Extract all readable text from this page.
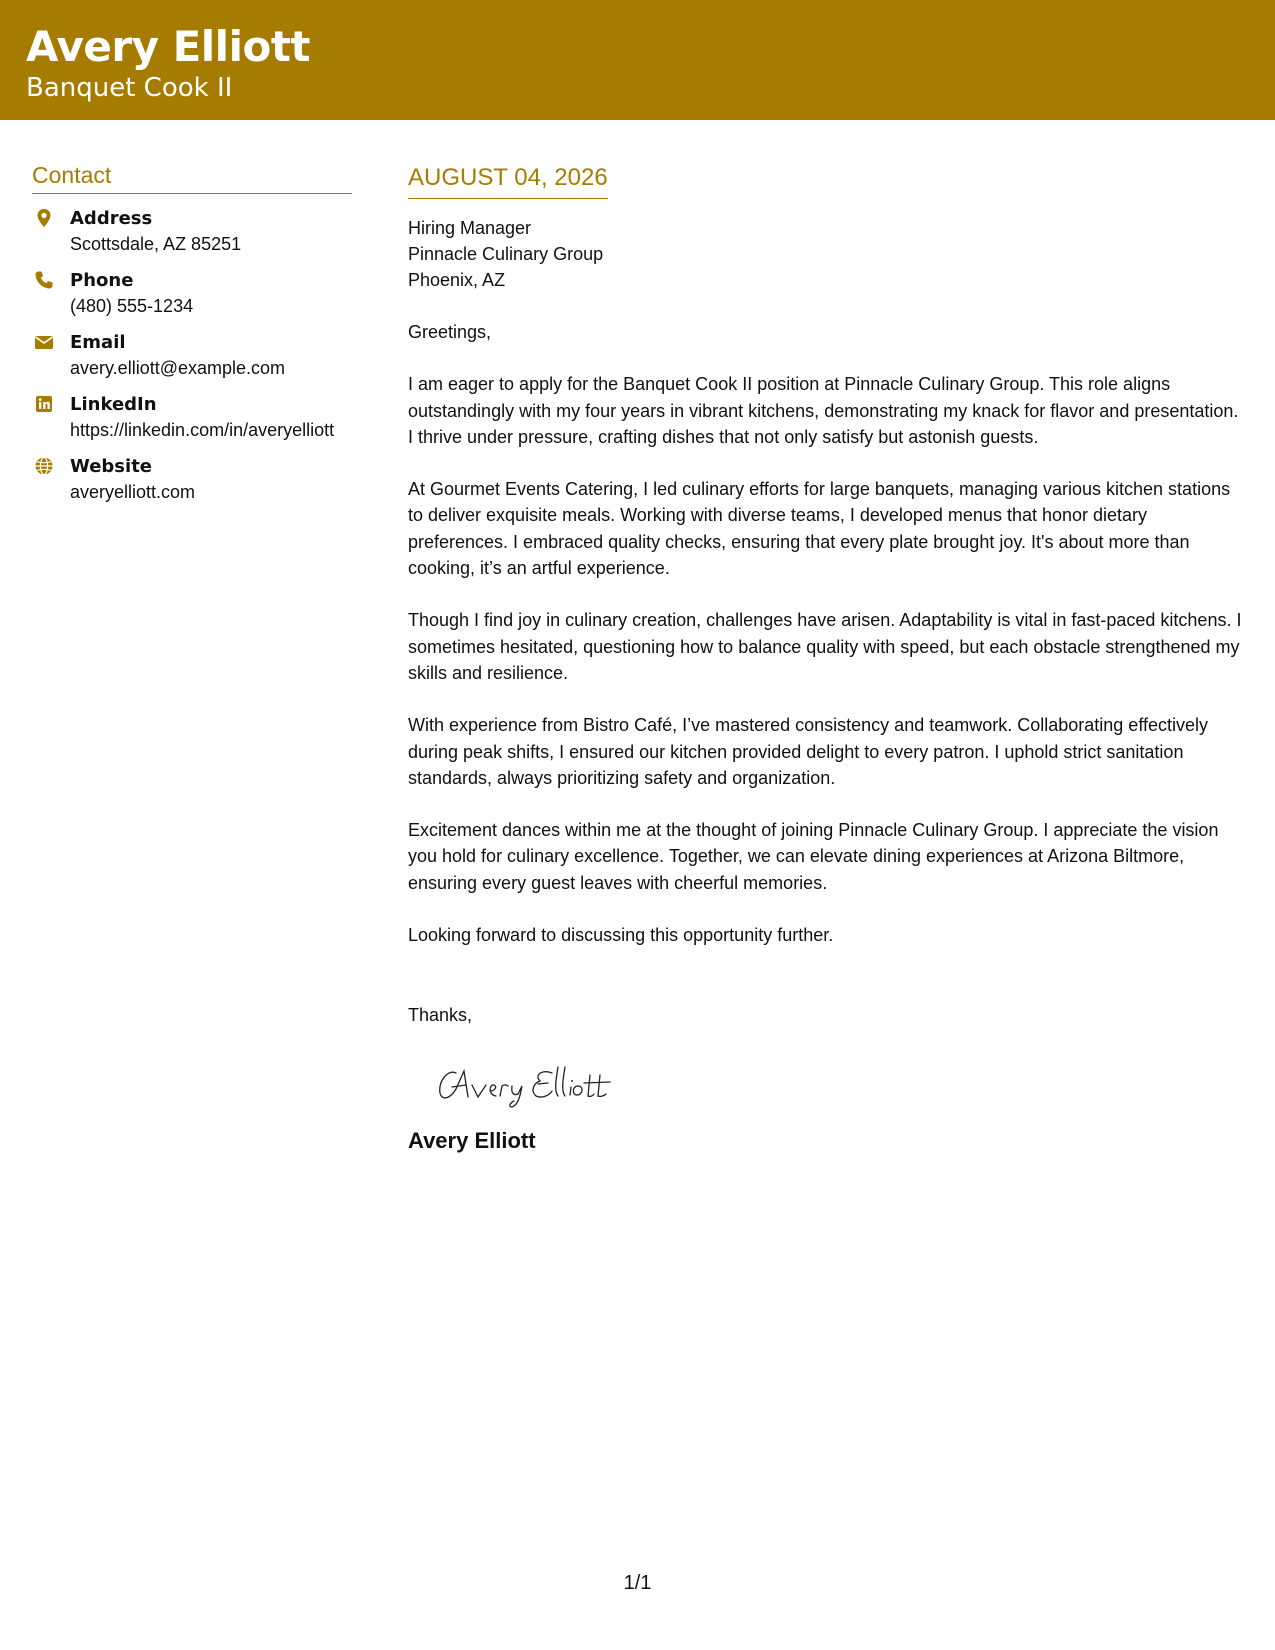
Avery Elliott
Banquet Cook II
Contact
Address
Scottsdale, AZ 85251
Phone
(480) 555-1234
Email
avery.elliott@example.com
LinkedIn
https://linkedin.com/in/averyelliott
Website
averyelliott.com
AUGUST 04, 2026
Hiring Manager
Pinnacle Culinary Group
Phoenix, AZ

Greetings,

I am eager to apply for the Banquet Cook II position at Pinnacle Culinary Group. This role aligns outstandingly with my four years in vibrant kitchens, demonstrating my knack for flavor and presentation. I thrive under pressure, crafting dishes that not only satisfy but astonish guests.

At Gourmet Events Catering, I led culinary efforts for large banquets, managing various kitchen stations to deliver exquisite meals. Working with diverse teams, I developed menus that honor dietary preferences. I embraced quality checks, ensuring that every plate brought joy. It's about more than cooking, it’s an artful experience.

Though I find joy in culinary creation, challenges have arisen. Adaptability is vital in fast-paced kitchens. I sometimes hesitated, questioning how to balance quality with speed, but each obstacle strengthened my skills and resilience.

With experience from Bistro Café, I’ve mastered consistency and teamwork. Collaborating effectively during peak shifts, I ensured our kitchen provided delight to every patron. I uphold strict sanitation standards, always prioritizing safety and organization.

Excitement dances within me at the thought of joining Pinnacle Culinary Group. I appreciate the vision you hold for culinary excellence. Together, we can elevate dining experiences at Arizona Biltmore, ensuring every guest leaves with cheerful memories.

Looking forward to discussing this opportunity further.

Thanks,

Avery Elliott
1/1
